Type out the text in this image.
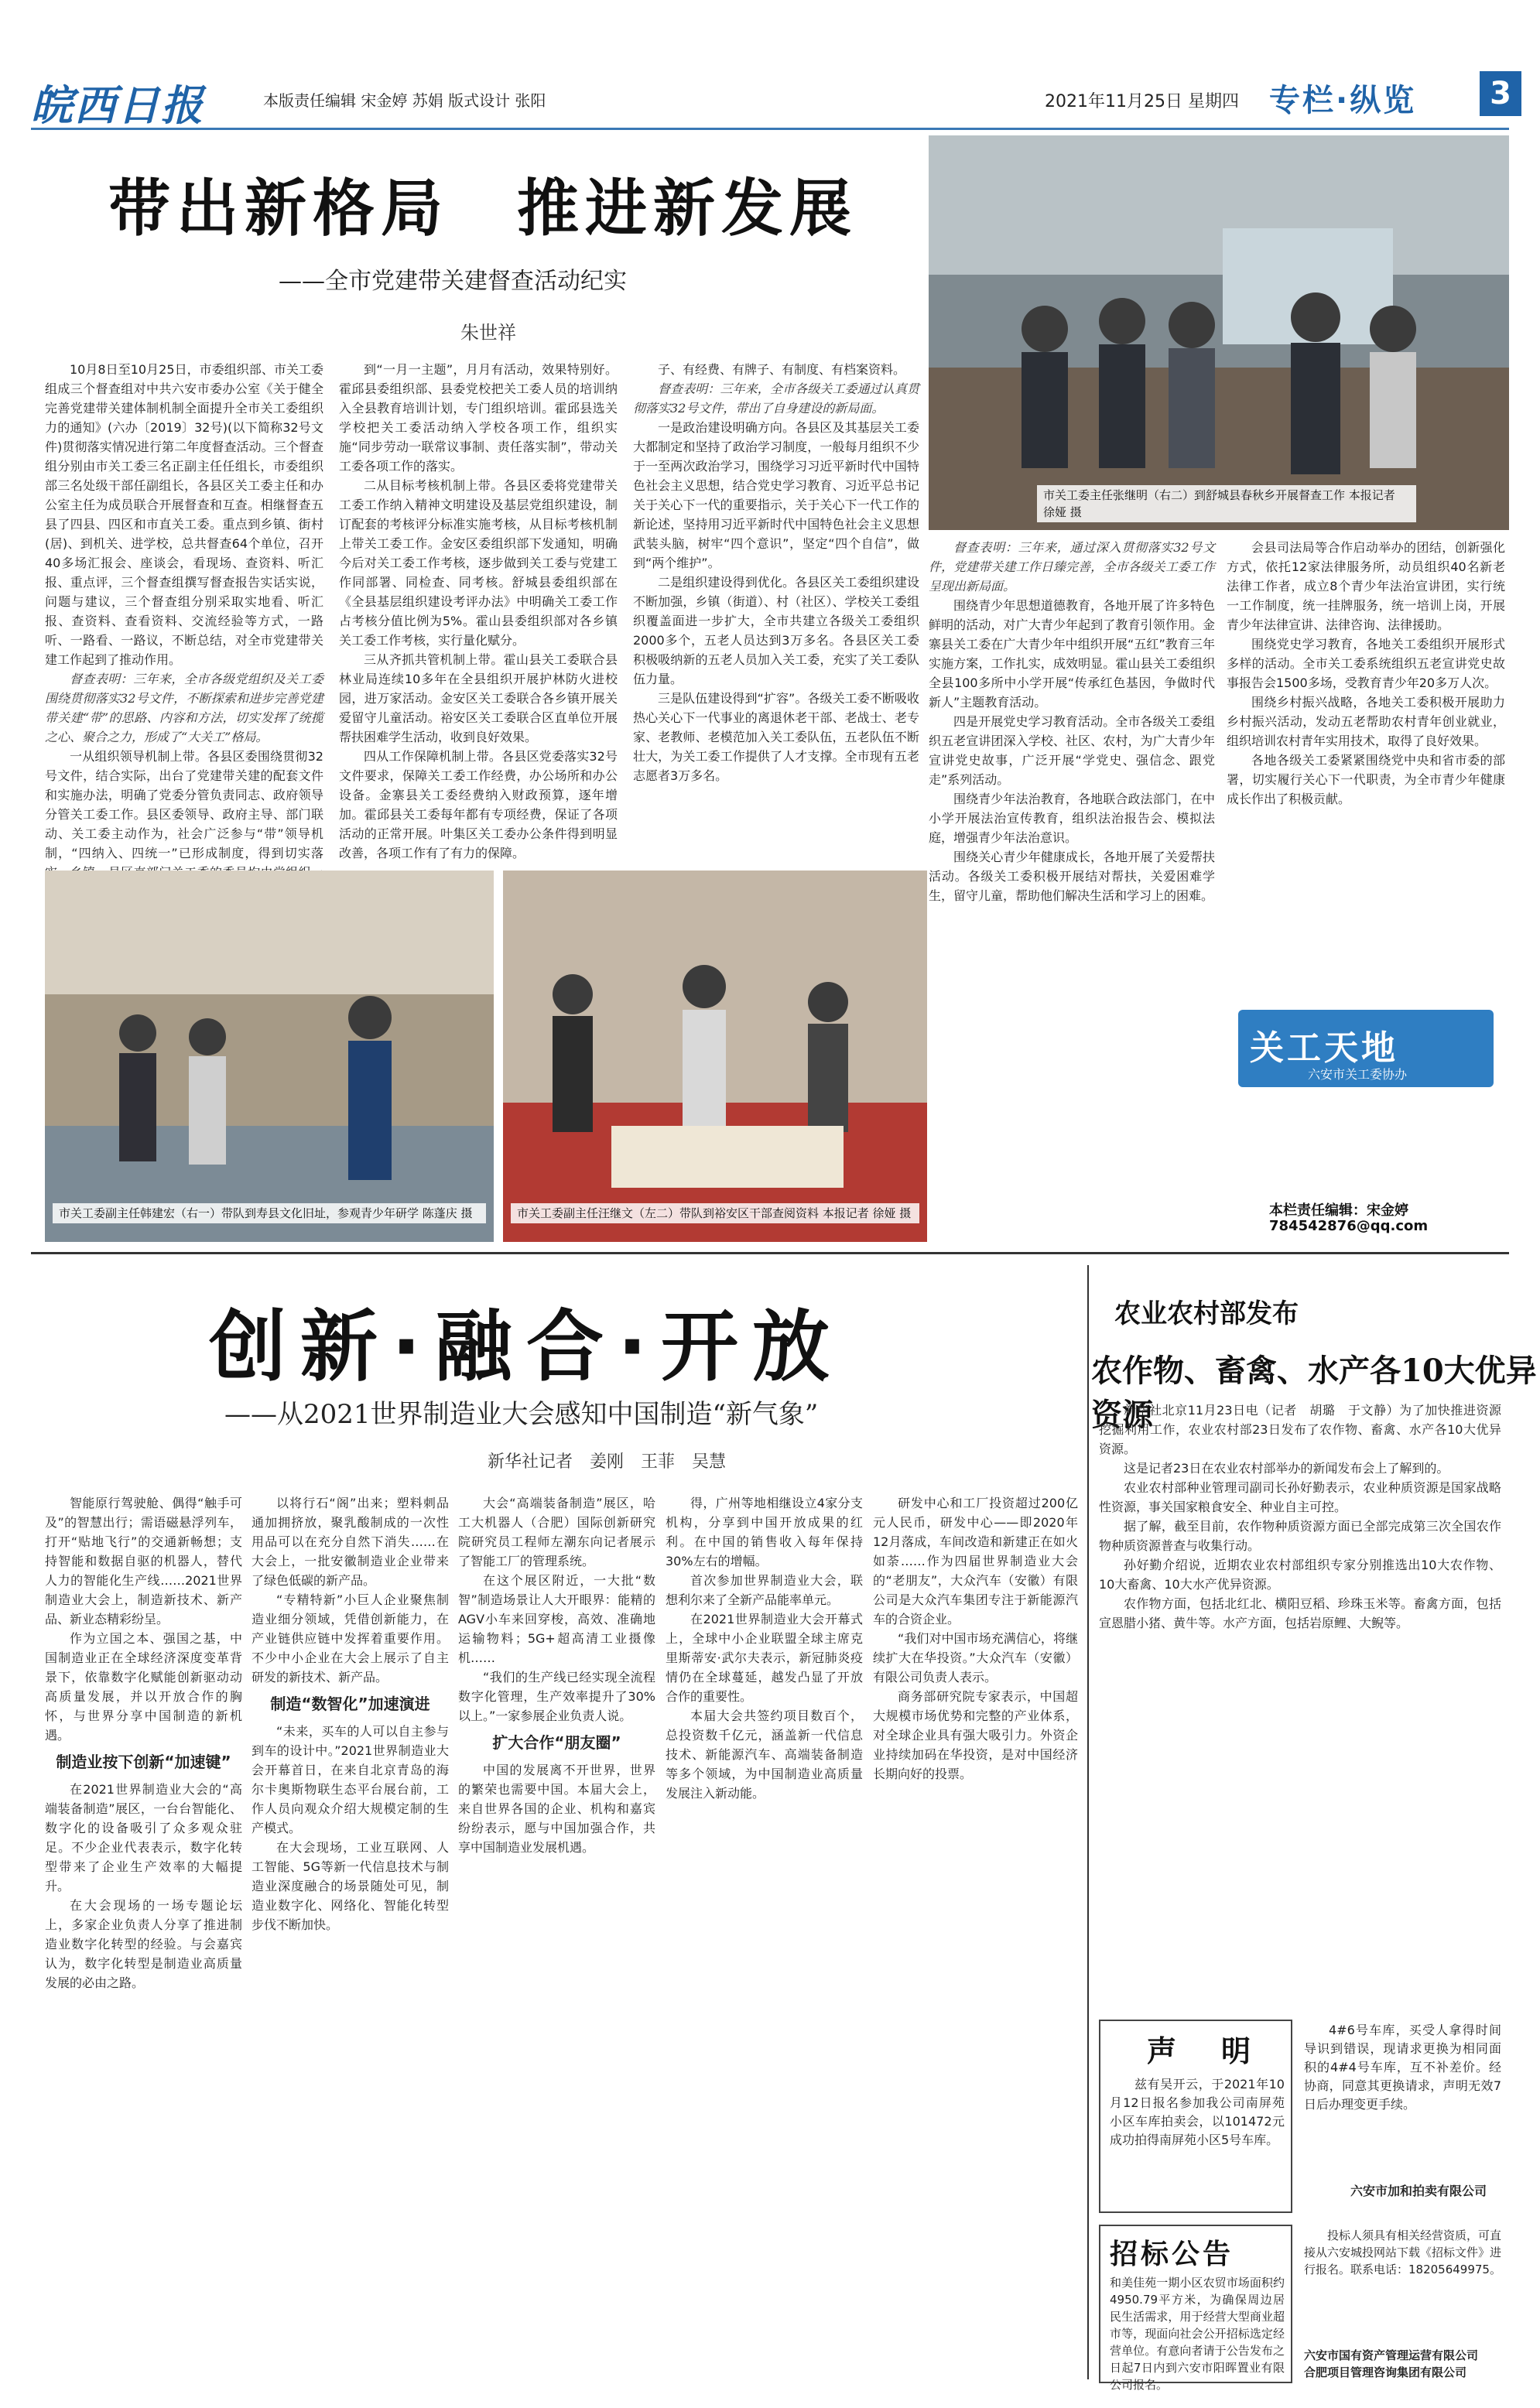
皖西日报	本版责任编辑 宋金婷 苏娟 版式设计 张阳	2021年11月25日 星期四 专栏·纵览	3
带出新格局　推进新发展
——全市党建带关建督查活动纪实
朱世祥
市关工委主任张继明（右二）到舒城县春秋乡开展督查工作 本报记者 徐娅 摄

10月8日至10月25日，市委组织部、市关工委组成三个督查组对中共六安市委办公室《关于健全完善党建带关建体制机制全面提升全市关工委组织力的通知》(六办〔2019〕32号)(以下简称32号文件)贯彻落实情况进行第二年度督查活动。三个督查组分别由市关工委三名正副主任任组长，市委组织部三名处级干部任副组长，各县区关工委主任和办公室主任为成员联合开展督查和互查。相继督查五县了四县、四区和市直关工委。重点到乡镇、街村(居)、到机关、进学校，总共督查64个单位，召开40多场汇报会、座谈会，看现场、查资料、听汇报、重点评，三个督查组撰写督查报告实话实说，问题与建议，三个督查组分别采取实地看、听汇报、查资料、查看资料、交流经验等方式，一路听、一路看、一路议，不断总结，对全市党建带关建工作起到了推动作用。

督查表明：三年来，全市各级党组织及关工委围绕贯彻落实32号文件，不断探索和进步完善党建带关建“带”的思路、内容和方法，切实发挥了统揽之心、聚合之力，形成了“大关工”格局。

一从组织领导机制上带。各县区委围绕贯彻32号文件，结合实际，出台了党建带关建的配套文件和实施办法，明确了党委分管负责同志、政府领导分管关工委工作。县区委领导、政府主导、部门联动、关工委主动作为，社会广泛参与“带”领导机制，“四纳入、四统一”已形成制度，得到切实落

到“一月一主题”，月月有活动，效果特别好。霍邱县委组织部、县委党校把关工委人员的培训纳入全县教育培训计划，专门组织培训。霍邱县选关学校把关工委活动纳入学校各项工作，组织实施“同步劳动一联常议事制、责任落实制”，带动关工委各项工作的落实。

二从目标考核机制上带。各县区委将党建带关工委工作纳入精神文明建设及基层党组织建设，制订配套的考核评分标准实施考核，从目标考核机制上带关工委工作。金安区委组织部下发通知，明确今后对关工委工作考核，逐步做到关工委与党建工作同部署、同检查、同考核。舒城县委组织部在《全县基层组织建设考评办法》中明确关工委工作占考核分值比例为5%。霍山县委组织部对各乡镇关工委工作考核，实行量化赋分。

三从齐抓共管机制上带。霍山县关工委联合县林业局连续10多年在全县组织开展护林防火进校园，进万家活动。金安区关工委联合各乡镇开展关爱留守儿童活动。裕安区关工委联合区直单位开展帮扶困难学生活动，收到良好效果。

四从工作保障机制上带。各县区党委落实32号文件要求，保障关工委工作经费，办公场所和办公设备。金寨县关工委经费纳入财政预算，逐年增加。霍邱县关工委每年都有专项经费，保证了各项活动的正常开展。叶集区关工委办公条件得到明显改善，各项工作有了有力的保障。

子、有经费、有牌子、有制度、有档案资料。

督查表明：三年来，全市各级关工委通过认真贯彻落实32号文件，带出了自身建设的新局面。

一是政治建设明确方向。各县区及其基层关工委大都制定和坚持了政治学习制度，一般每月组织不少于一至两次政治学习，围绕学习习近平新时代中国特色社会主义思想，结合党史学习教育、习近平总书记关于关心下一代的重要指示，关于关心下一代工作的新论述，坚持用习近平新时代中国特色社会主义思想武装头脑，树牢“四个意识”，坚定“四个自信”，做到“两个维护”。

二是组织建设得到优化。各县区关工委组织建设不断加强，乡镇（街道）、村（社区）、学校关工委组织覆盖面进一步扩大，全市共建立各级关工委组织2000多个，五老人员达到3万多名。各县区关工委积极吸纳新的五老人员加入关工委，充实了关工委队伍力量。

三是队伍建设得到“扩容”。各级关工委不断吸收热心关心下一代事业的离退休老干部、老战士、老专家、老教师、老模范加入关工委队伍，五老队伍不断壮大，为关工委工作提供了人才支撑。全市现有五老志愿者3万多名。

市关工委副主任韩建宏（右一）带队到寿县文化旧址，参观青少年研学 陈蓬庆 摄	市关工委副主任汪继文（左二）带队到裕安区干部查阅资料 本报记者 徐娅 摄

督查表明：三年来，通过深入贯彻落实32号文件，党建带关建工作日臻完善，全市各级关工委工作呈现出新局面。

围绕青少年思想道德教育，各地开展了许多特色鲜明的活动，对广大青少年起到了教育引领作用。金寨县关工委在广大青少年中组织开展“五红”教育三年实施方案，工作扎实，成效明显。霍山县关工委组织全县100多所中小学开展“传承红色基因，争做时代新人”主题教育活动。

四是开展党史学习教育活动。全市各级关工委组织五老宣讲团深入学校、社区、农村，为广大青少年宣讲党史故事，广泛开展“学党史、强信念、跟党走”系列活动。

围绕青少年法治教育，各地联合政法部门，在中小学开展法治宣传教育，组织法治报告会、模拟法庭，增强青少年法治意识。

围绕关心青少年健康成长，各地开展了关爱帮扶活动。各级关工委积极开展结对帮扶，关爱困难学生，留守儿童，帮助他们解决生活和学习上的困难。

会县司法局等合作启动举办的团结，创新强化方式，依托12家法律服务所，动员组织40名新老法律工作者，成立8个青少年法治宣讲团，实行统一工作制度，统一挂牌服务，统一培训上岗，开展青少年法律宣讲、法律咨询、法律援助。

围绕党史学习教育，各地关工委组织开展形式多样的活动。全市关工委系统组织五老宣讲党史故事报告会1500多场，受教育青少年20多万人次。

围绕乡村振兴战略，各地关工委积极开展助力乡村振兴活动，发动五老帮助农村青年创业就业，组织培训农村青年实用技术，取得了良好效果。

各地各级关工委紧紧围绕党中央和省市委的部署，切实履行关心下一代职责，为全市青少年健康成长作出了积极贡献。

关工天地
六安市关工委协办
本栏责任编辑：宋金婷
784542876@qq.com
创新·融合·开放
——从2021世界制造业大会感知中国制造“新气象”
新华社记者　姜刚　王菲　吴慧

智能原行驾驶舱、偶得“触手可及”的智慧出行；需语磁悬浮列车，打开“贴地飞行”的交通新畅想；支持智能和数据自驱的机器人，替代人力的智能化生产线……2021世界制造业大会上，制造新技术、新产品、新业态精彩纷呈。

作为立国之本、强国之基，中国制造业正在全球经济深度变革背景下，依靠数字化赋能创新驱动动高质量发展，并以开放合作的胸怀，与世界分享中国制造的新机遇。

制造业按下创新“加速键”

在2021世界制造业大会的“高端装备制造”展区，一台台智能化、数字化的设备吸引了众多观众驻足。不少企业代表表示，数字化转型带来了企业生产效率的大幅提升。

在大会现场的一场专题论坛上，多家企业负责人分享了推进制造业数字化转型的经验。与会嘉宾认为，数字化转型是制造业高质量发展的必由之路。

以将行石“阁”出来；塑料刺品通加拥挤放，聚乳酸制成的一次性用品可以在充分自然下消失……在大会上，一批安徽制造业企业带来了绿色低碳的新产品。

“专精特新”小巨人企业聚焦制造业细分领域，凭借创新能力，在产业链供应链中发挥着重要作用。不少中小企业在大会上展示了自主研发的新技术、新产品。

制造“数智化”加速演进

“未来，买车的人可以自主参与到车的设计中。”2021世界制造业大会开幕首日，在来自北京青岛的海尔卡奥斯物联生态平台展台前，工作人员向观众介绍大规模定制的生产模式。

在大会现场，工业互联网、人工智能、5G等新一代信息技术与制造业深度融合的场景随处可见，制造业数字化、网络化、智能化转型步伐不断加快。

大会“高端装备制造”展区，哈工大机器人（合肥）国际创新研究院研究员工程师左潮东向记者展示了智能工厂的管理系统。

在这个展区附近，一大批“数智”制造场景让人大开眼界：能精的AGV小车来回穿梭，高效、准确地运输物料；5G+超高清工业摄像机……

“我们的生产线已经实现全流程数字化管理，生产效率提升了30%以上。”一家参展企业负责人说。

扩大合作“朋友圈”

中国的发展离不开世界，世界的繁荣也需要中国。本届大会上，来自世界各国的企业、机构和嘉宾纷纷表示，愿与中国加强合作，共享中国制造业发展机遇。

得，广州等地相继设立4家分支机构，分享到中国开放成果的红利。在中国的销售收入每年保持30%左右的增幅。

首次参加世界制造业大会，联想利尔来了全新产品能率单元。

在2021世界制造业大会开幕式上，全球中小企业联盟全球主席克里斯蒂安·武尔夫表示，新冠肺炎疫情仍在全球蔓延，越发凸显了开放合作的重要性。

本届大会共签约项目数百个，总投资数千亿元，涵盖新一代信息技术、新能源汽车、高端装备制造等多个领域，为中国制造业高质量发展注入新动能。

研发中心和工厂投资超过200亿元人民币，研发中心——即2020年12月落成，车间改造和新建正在如火如荼……作为四届世界制造业大会的“老朋友”，大众汽车（安徽）有限公司是大众汽车集团专注于新能源汽车的合资企业。

“我们对中国市场充满信心，将继续扩大在华投资。”大众汽车（安徽）有限公司负责人表示。

商务部研究院专家表示，中国超大规模市场优势和完整的产业体系，对全球企业具有强大吸引力。外资企业持续加码在华投资，是对中国经济长期向好的投票。

农业农村部发布
农作物、畜禽、水产各10大优异资源

新华社北京11月23日电（记者　胡璐　于文静）为了加快推进资源挖掘利用工作，农业农村部23日发布了农作物、畜禽、水产各10大优异资源。

这是记者23日在农业农村部举办的新闻发布会上了解到的。

农业农村部种业管理司副司长孙好勤表示，农业种质资源是国家战略性资源，事关国家粮食安全、种业自主可控。

据了解，截至目前，农作物种质资源方面已全部完成第三次全国农作物种质资源普查与收集行动。

孙好勤介绍说，近期农业农村部组织专家分别推选出10大农作物、10大畜禽、10大水产优异资源。

农作物方面，包括北红北、横阳豆稻、珍珠玉米等。畜禽方面，包括宣恩腊小猪、黄牛等。水产方面，包括岩原鲤、大鲵等。

声　明
兹有吴开云，于2021年10月12日报名参加我公司南屏苑小区车库拍卖会，以101472元成功拍得南屏苑小区5号车库。

4#6号车库，买受人拿得时间导识到错误，现请求更换为相同面积的4#4号车库，互不补差价。经协商，同意其更换请求，声明无效7日后办理变更手续。

六安市加和拍卖有限公司
招标公告
和美佳苑一期小区农贸市场面积约4950.79平方米，为确保周边居民生活需求，用于经营大型商业超市等，现面向社会公开招标选定经营单位。有意向者请于公告发布之日起7日内到六安市阳晖置业有限公司报名。

投标人须具有相关经营资质，可直接从六安城投网站下载《招标文件》进行报名。联系电话：18205649975。

六安市国有资产管理运营有限公司
合肥项目管理咨询集团有限公司
